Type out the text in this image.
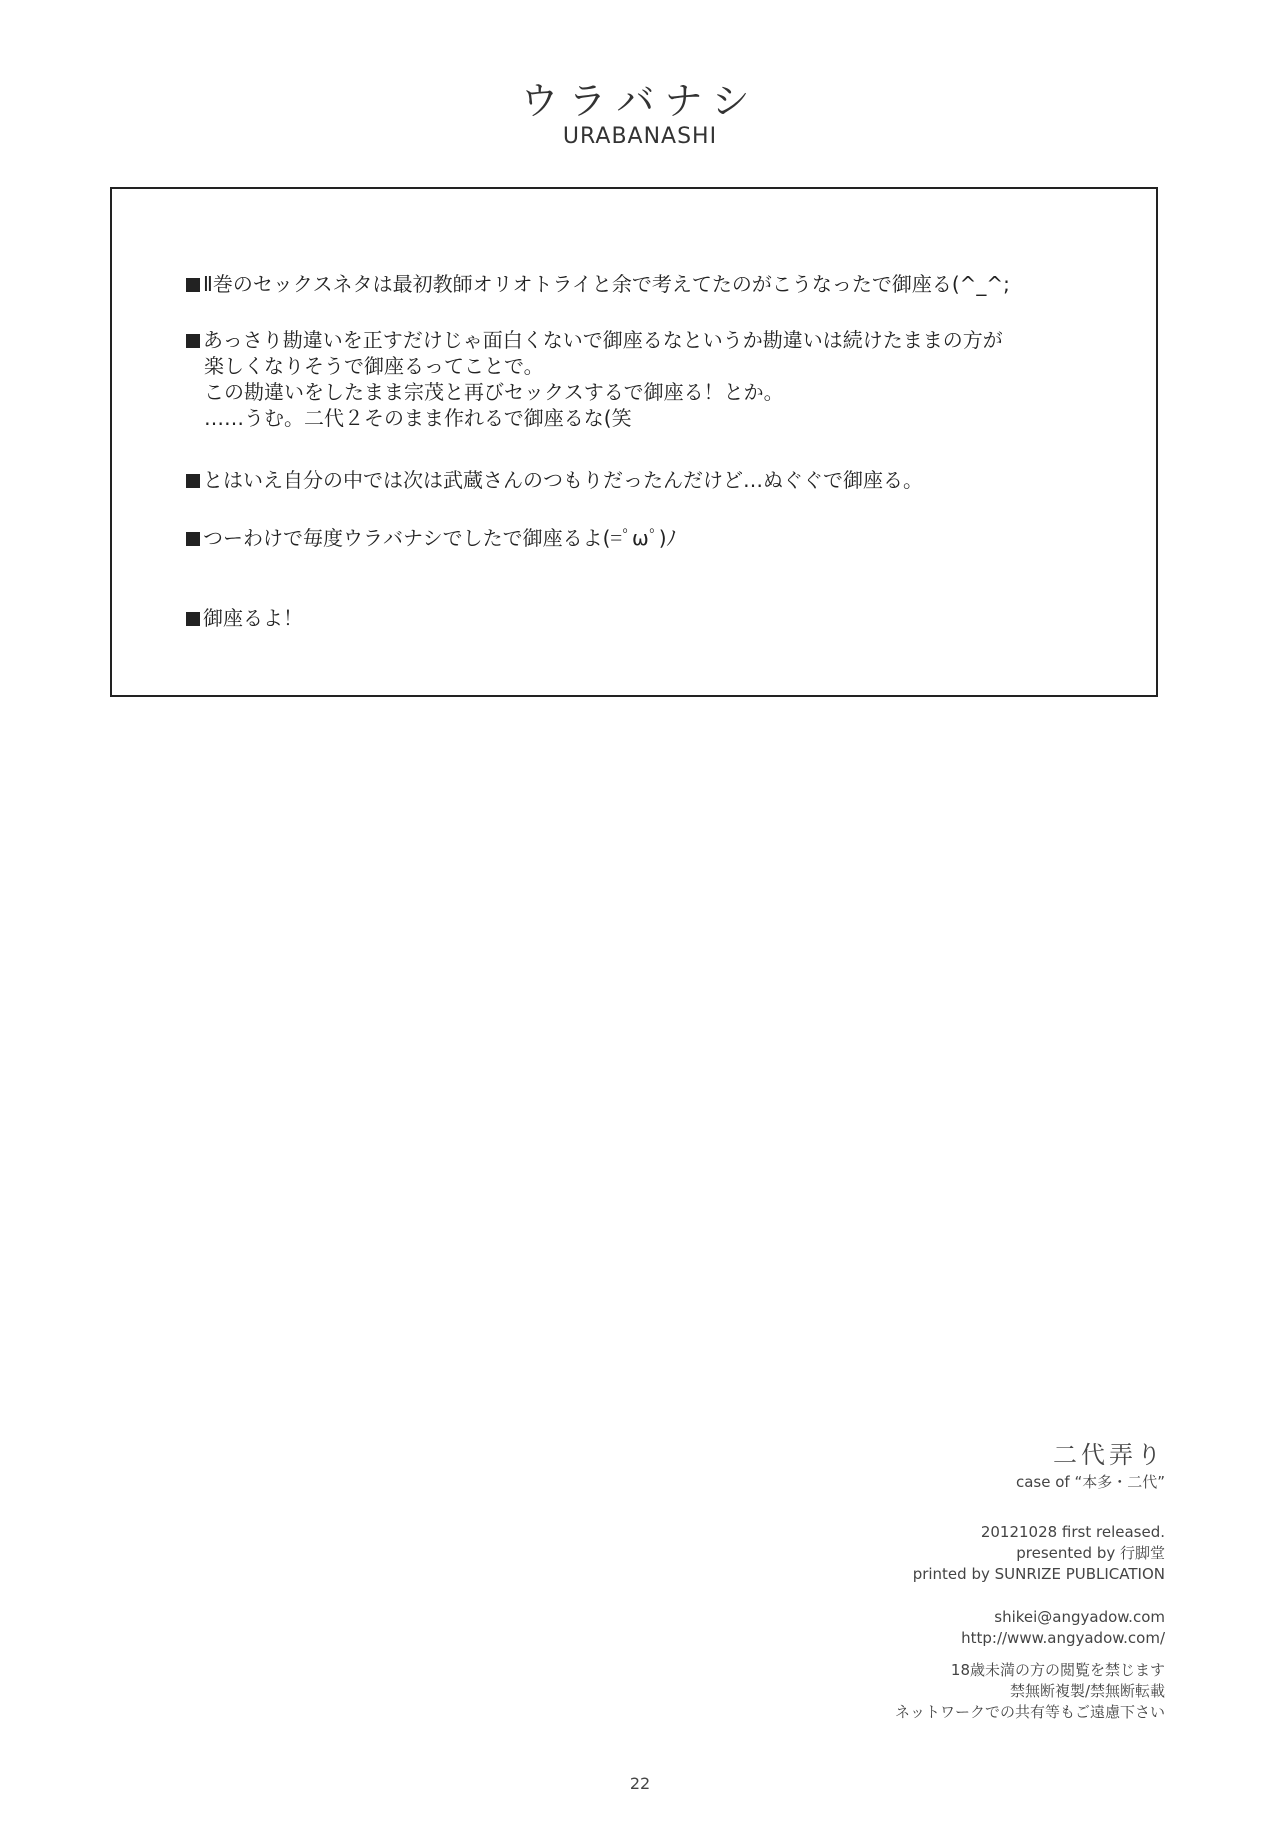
ウラバナシ
URABANASHI
Ⅱ巻のセックスネタは最初教師オリオトライと余で考えてたのがこうなったで御座る(^_^;
あっさり勘違いを正すだけじゃ面白くないで御座るなというか勘違いは続けたままの方が
楽しくなりそうで御座るってことで。
この勘違いをしたまま宗茂と再びセックスするで御座る！とか。
……うむ。二代２そのまま作れるで御座るな(笑
とはいえ自分の中では次は武蔵さんのつもりだったんだけど…ぬぐぐで御座る。
つーわけで毎度ウラバナシでしたで御座るよ(=ﾟωﾟ)ﾉ
御座るよ！
二代弄り
case of “本多・二代”
20121028 first released.
presented by 行脚堂
printed by SUNRIZE PUBLICATION
shikei@angyadow.com
http://www.angyadow.com/
18歳未満の方の閲覧を禁じます
禁無断複製/禁無断転載
ネットワークでの共有等もご遠慮下さい
22
